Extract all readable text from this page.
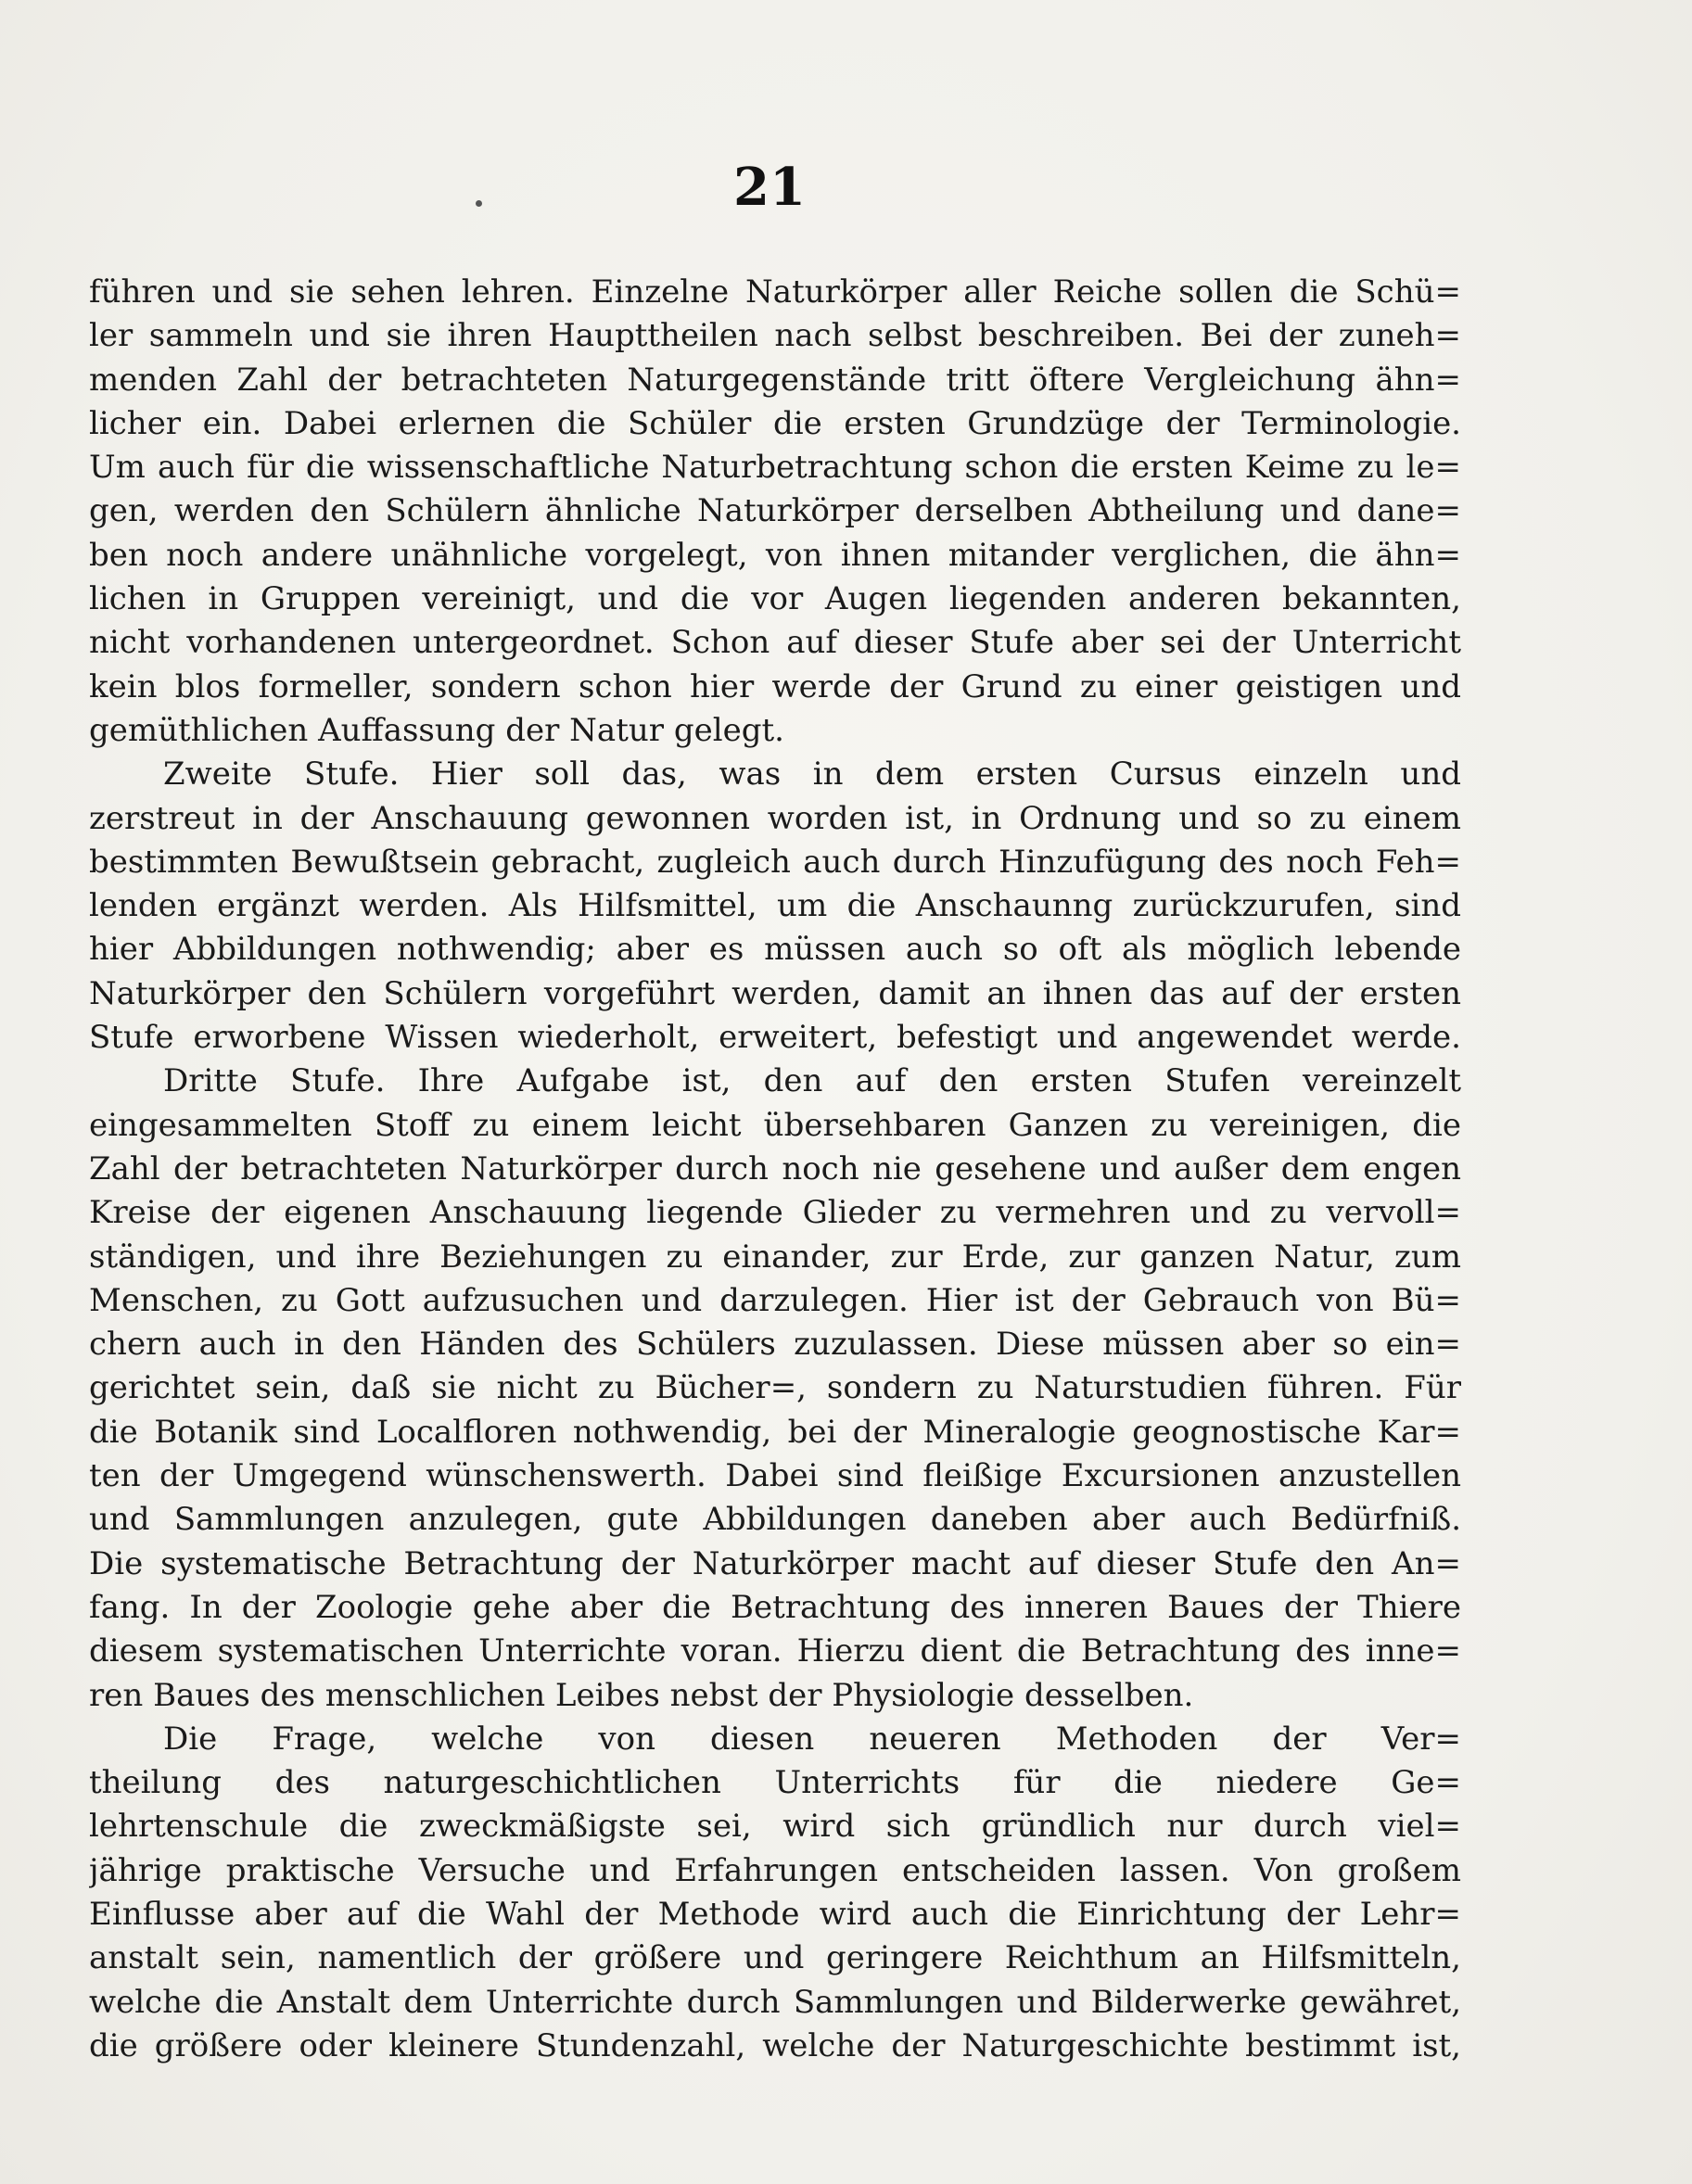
21
führen und sie sehen lehren. Einzelne Naturkörper aller Reiche sollen die Schü=
ler sammeln und sie ihren Haupttheilen nach selbst beschreiben. Bei der zuneh=
menden Zahl der betrachteten Naturgegenstände tritt öftere Vergleichung ähn=
licher ein. Dabei erlernen die Schüler die ersten Grundzüge der Terminologie.
Um auch für die wissenschaftliche Naturbetrachtung schon die ersten Keime zu le=
gen, werden den Schülern ähnliche Naturkörper derselben Abtheilung und dane=
ben noch andere unähnliche vorgelegt, von ihnen mitander verglichen, die ähn=
lichen in Gruppen vereinigt, und die vor Augen liegenden anderen bekannten,
nicht vorhandenen untergeordnet. Schon auf dieser Stufe aber sei der Unterricht
kein blos formeller, sondern schon hier werde der Grund zu einer geistigen und
gemüthlichen Auffassung der Natur gelegt.
Zweite Stufe. Hier soll das, was in dem ersten Cursus einzeln und
zerstreut in der Anschauung gewonnen worden ist, in Ordnung und so zu einem
bestimmten Bewußtsein gebracht, zugleich auch durch Hinzufügung des noch Feh=
lenden ergänzt werden. Als Hilfsmittel, um die Anschaunng zurückzurufen, sind
hier Abbildungen nothwendig; aber es müssen auch so oft als möglich lebende
Naturkörper den Schülern vorgeführt werden, damit an ihnen das auf der ersten
Stufe erworbene Wissen wiederholt, erweitert, befestigt und angewendet werde.
Dritte Stufe. Ihre Aufgabe ist, den auf den ersten Stufen vereinzelt
eingesammelten Stoff zu einem leicht übersehbaren Ganzen zu vereinigen, die
Zahl der betrachteten Naturkörper durch noch nie gesehene und außer dem engen
Kreise der eigenen Anschauung liegende Glieder zu vermehren und zu vervoll=
ständigen, und ihre Beziehungen zu einander, zur Erde, zur ganzen Natur, zum
Menschen, zu Gott aufzusuchen und darzulegen. Hier ist der Gebrauch von Bü=
chern auch in den Händen des Schülers zuzulassen. Diese müssen aber so ein=
gerichtet sein, daß sie nicht zu Bücher=, sondern zu Naturstudien führen. Für
die Botanik sind Localfloren nothwendig, bei der Mineralogie geognostische Kar=
ten der Umgegend wünschenswerth. Dabei sind fleißige Excursionen anzustellen
und Sammlungen anzulegen, gute Abbildungen daneben aber auch Bedürfniß.
Die systematische Betrachtung der Naturkörper macht auf dieser Stufe den An=
fang. In der Zoologie gehe aber die Betrachtung des inneren Baues der Thiere
diesem systematischen Unterrichte voran. Hierzu dient die Betrachtung des inne=
ren Baues des menschlichen Leibes nebst der Physiologie desselben.
Die Frage, welche von diesen neueren Methoden der Ver=
theilung des naturgeschichtlichen Unterrichts für die niedere Ge=
lehrtenschule die zweckmäßigste sei, wird sich gründlich nur durch viel=
jährige praktische Versuche und Erfahrungen entscheiden lassen. Von großem
Einflusse aber auf die Wahl der Methode wird auch die Einrichtung der Lehr=
anstalt sein, namentlich der größere und geringere Reichthum an Hilfsmitteln,
welche die Anstalt dem Unterrichte durch Sammlungen und Bilderwerke gewähret,
die größere oder kleinere Stundenzahl, welche der Naturgeschichte bestimmt ist,
